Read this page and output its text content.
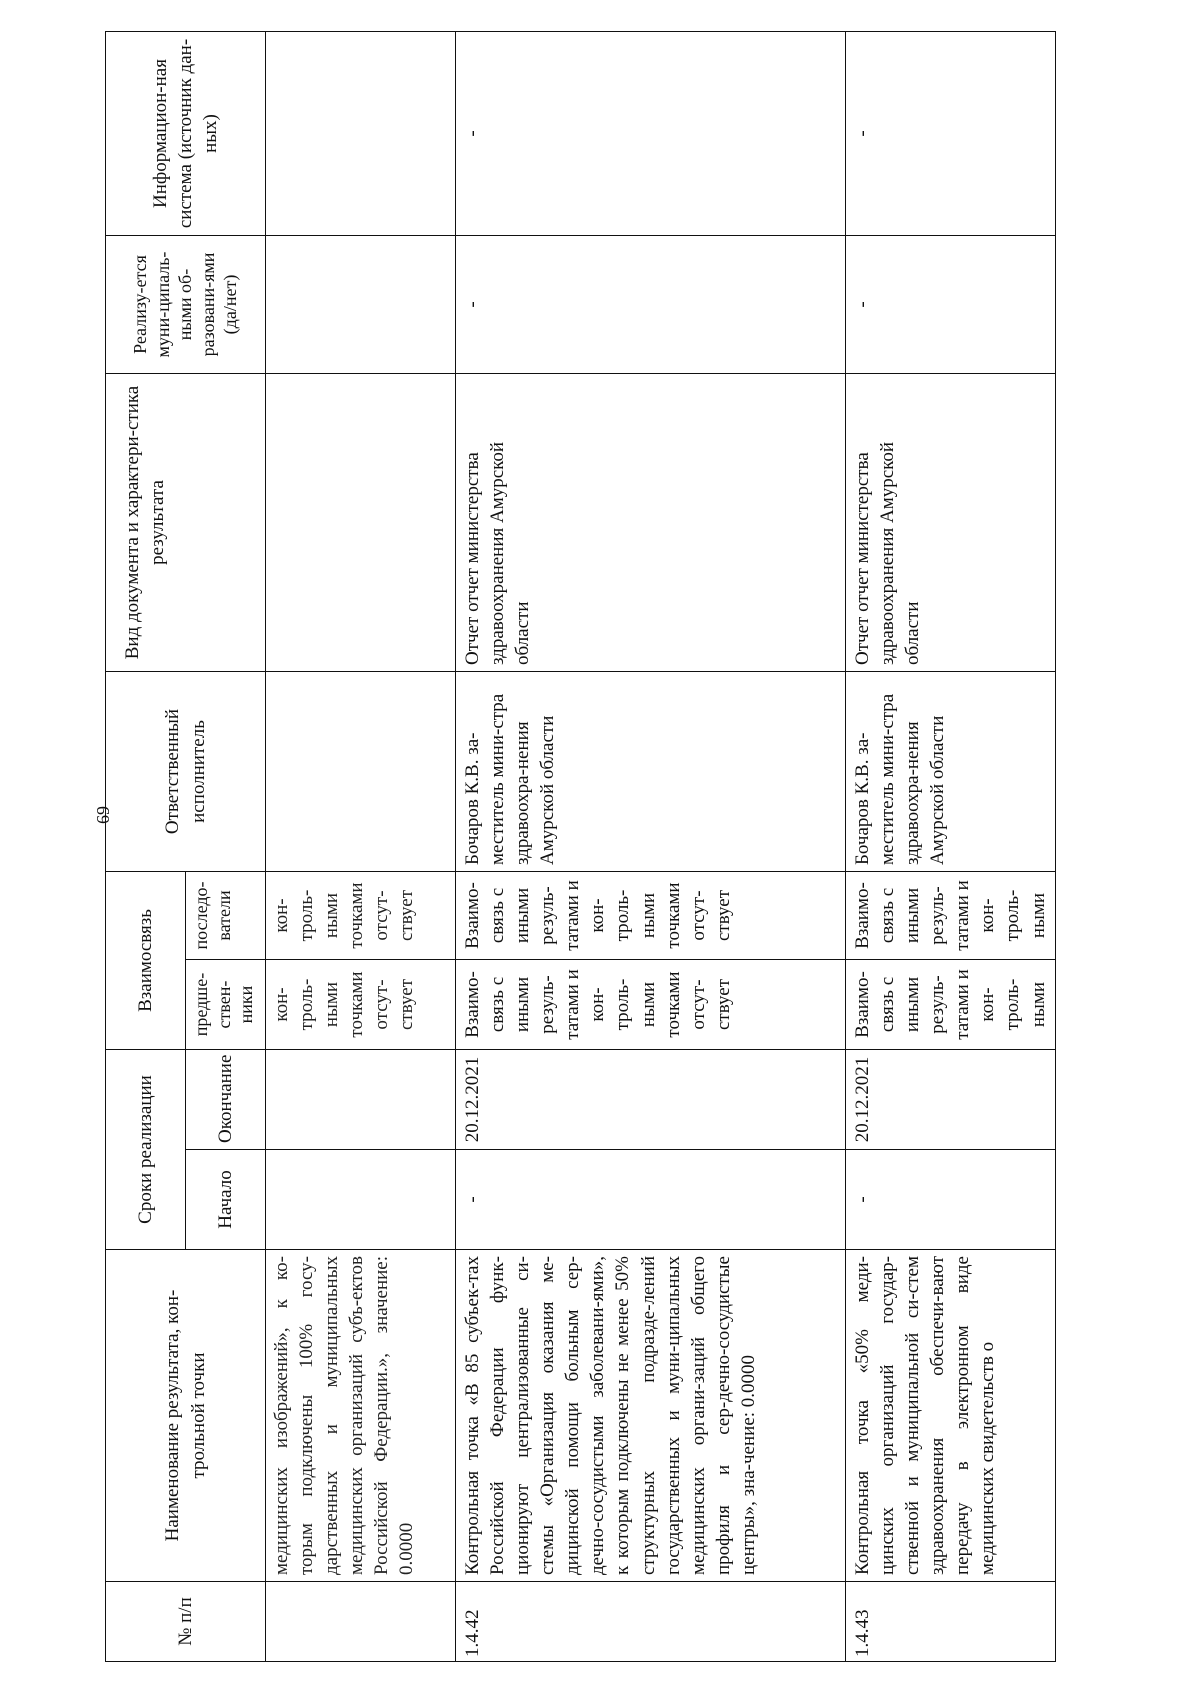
69
№ п/п	Наименование результата, кон-трольной точки	Сроки реализации		Взаимосвязь		Ответственный исполнитель	Вид документа и характери-стика результата	Реализу-ется муни-ципаль-ными об-разовани-ями (да/нет)	Информацион-ная система (источник дан-ных)
		Начало	Окончание	предше-ствен-ники	последо-ватели				
	медицинских изображений», к ко-торым подключены 100% госу-дарственных и муниципальных медицинских организаций субъ-ектов Российской Федерации.», значение: 0.0000			кон-троль-ными точками отсут-ствует	кон-троль-ными точками отсут-ствует				
1.4.42	Контрольная точка «В 85 субъек-тах Российской Федерации функ-ционируют централизованные си-стемы «Организация оказания ме-дицинской помощи больным сер-дечно-сосудистыми заболевани-ями», к которым подключены не менее 50% структурных подразде-лений государственных и муни-ципальных медицинских органи-заций общего профиля и сер-дечно-сосудистые центры», зна-чение: 0.0000	-	20.12.2021	Взаимо-связь с иными резуль-татами и кон-троль-ными точками отсут-ствует	Взаимо-связь с иными резуль-татами и кон-троль-ными точками отсут-ствует	Бочаров К.В. за-меститель мини-стра здравоохра-нения Амурской области	Отчет отчет министерства здравоохранения Амурской области	-	-
1.4.43	Контрольная точка «50% меди-цинских организаций государ-ственной и муниципальной си-стем здравоохранения обеспечи-вают передачу в электронном виде медицинских свидетельств о	-	20.12.2021	Взаимо-связь с иными резуль-татами и кон-троль-ными	Взаимо-связь с иными резуль-татами и кон-троль-ными	Бочаров К.В. за-меститель мини-стра здравоохра-нения Амурской области	Отчет отчет министерства здравоохранения Амурской области	-	-
